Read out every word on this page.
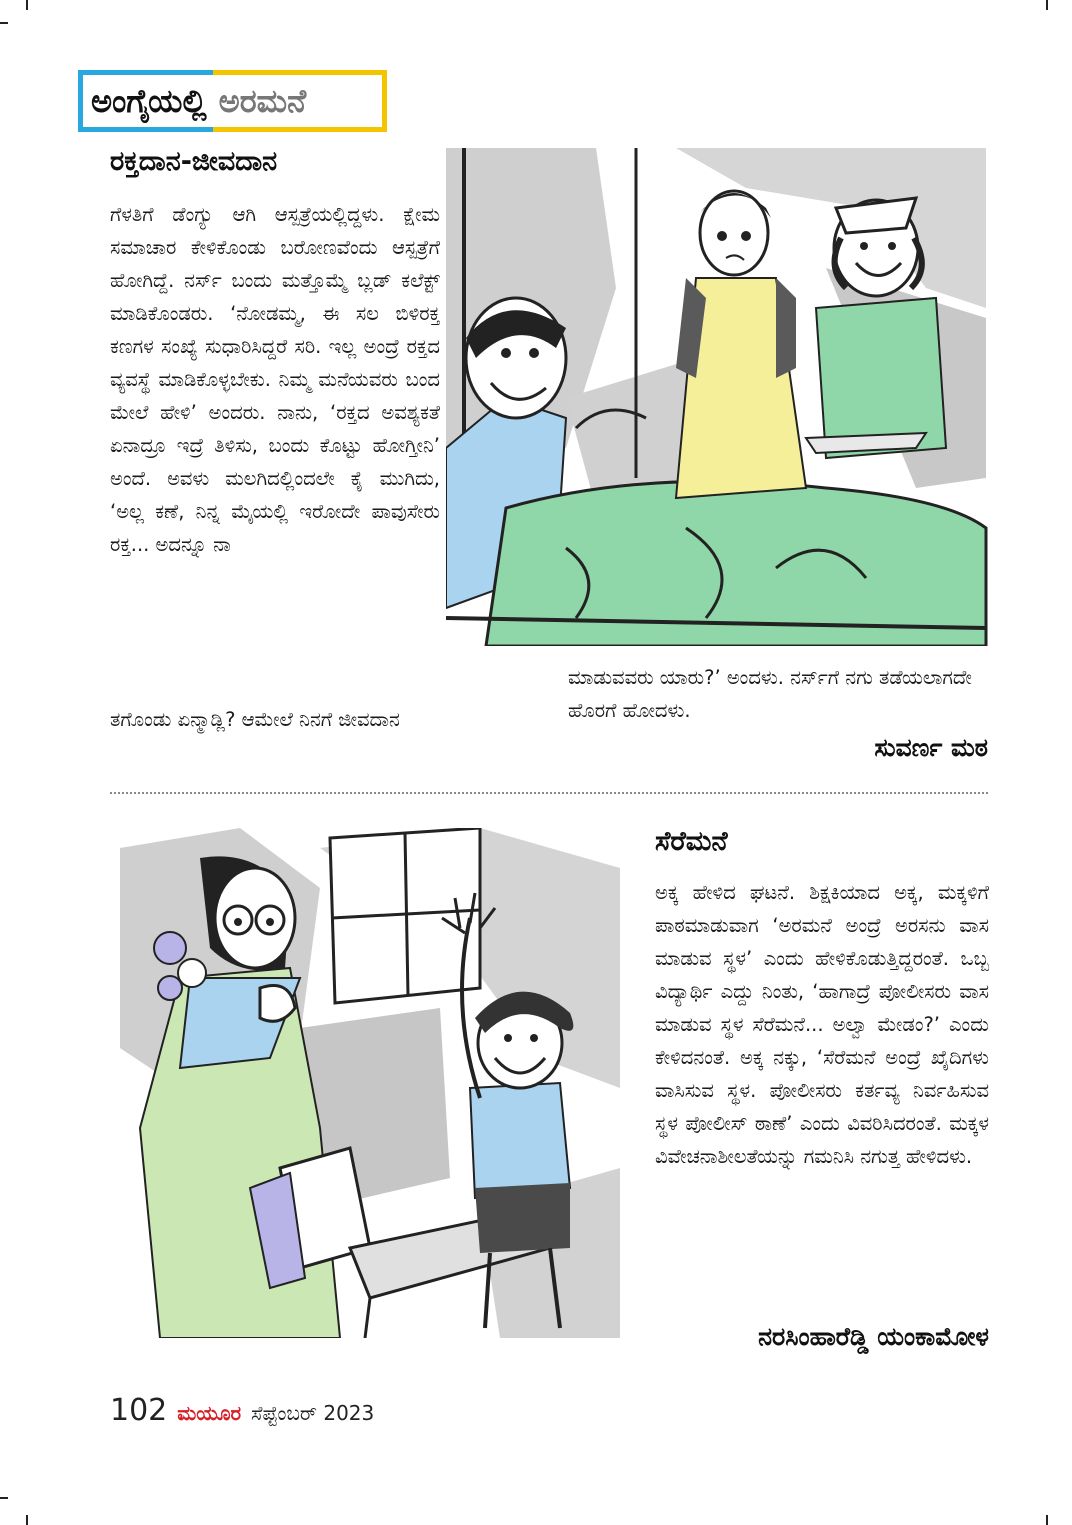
ಅಂಗೈಯಲ್ಲಿ ಅರಮನೆ
ರಕ್ತದಾನ-ಜೀವದಾನ

ಗೆಳತಿಗೆ ಡೆಂಗ್ಯು ಆಗಿ ಆಸ್ಪತ್ರೆಯಲ್ಲಿದ್ದಳು. ಕ್ಷೇಮ ಸಮಾಚಾರ ಕೇಳಿಕೊಂಡು ಬರೋಣವೆಂದು ಆಸ್ಪತ್ರೆಗೆ ಹೋಗಿದ್ದೆ. ನರ್ಸ್ ಬಂದು ಮತ್ತೊಮ್ಮೆ ಬ್ಲಡ್ ಕಲೆಕ್ಟ್ ಮಾಡಿಕೊಂಡರು. ‘ನೋಡಮ್ಮ, ಈ ಸಲ ಬಿಳಿರಕ್ತ ಕಣಗಳ ಸಂಖ್ಯೆ ಸುಧಾರಿಸಿದ್ದರೆ ಸರಿ. ಇಲ್ಲ ಅಂದ್ರೆ ರಕ್ತದ ವ್ಯವಸ್ಥೆ ಮಾಡಿಕೊಳ್ಳಬೇಕು. ನಿಮ್ಮ ಮನೆಯವರು ಬಂದ ಮೇಲೆ ಹೇಳಿ’ ಅಂದರು. ನಾನು, ‘ರಕ್ತದ ಅವಶ್ಯಕತೆ ಏನಾದ್ರೂ ಇದ್ರೆ ತಿಳಿಸು, ಬಂದು ಕೊಟ್ಟು ಹೋಗ್ತೀನಿ’ ಅಂದೆ. ಅವಳು ಮಲಗಿದಲ್ಲಿಂದಲೇ ಕೈ ಮುಗಿದು, ‘ಅಲ್ಲ ಕಣೆ, ನಿನ್ನ ಮೈಯಲ್ಲಿ ಇರೋದೇ ಪಾವುಸೇರು ರಕ್ತ... ಅದನ್ನೂ ನಾ

ತಗೊಂಡು ಏನ್ಮಾಡ್ಲಿ? ಆಮೇಲೆ ನಿನಗೆ ಜೀವದಾನ

ಮಾಡುವವರು ಯಾರು?’ ಅಂದಳು. ನರ್ಸ್‌ಗೆ ನಗು ತಡೆಯಲಾಗದೇ ಹೊರಗೆ ಹೋದಳು.

ಸುವರ್ಣ ಮಠ
ಸೆರೆಮನೆ

ಅಕ್ಕ ಹೇಳಿದ ಘಟನೆ. ಶಿಕ್ಷಕಿಯಾದ ಅಕ್ಕ, ಮಕ್ಕಳಿಗೆ ಪಾಠಮಾಡುವಾಗ ‘ಅರಮನೆ ಅಂದ್ರೆ ಅರಸನು ವಾಸ ಮಾಡುವ ಸ್ಥಳ’ ಎಂದು ಹೇಳಿಕೊಡುತ್ತಿದ್ದರಂತೆ. ಒಬ್ಬ ವಿದ್ಯಾರ್ಥಿ ಎದ್ದು ನಿಂತು, ‘ಹಾಗಾದ್ರೆ ಪೋಲೀಸರು ವಾಸ ಮಾಡುವ ಸ್ಥಳ ಸೆರೆಮನೆ... ಅಲ್ವಾ ಮೇಡಂ?’ ಎಂದು ಕೇಳಿದನಂತೆ. ಅಕ್ಕ ನಕ್ಕು, ‘ಸೆರೆಮನೆ ಅಂದ್ರೆ ಖೈದಿಗಳು ವಾಸಿಸುವ ಸ್ಥಳ. ಪೋಲೀಸರು ಕರ್ತವ್ಯ ನಿರ್ವಹಿಸುವ ಸ್ಥಳ ಪೋಲೀಸ್ ಠಾಣೆ’ ಎಂದು ವಿವರಿಸಿದರಂತೆ. ಮಕ್ಕಳ ವಿವೇಚನಾಶೀಲತೆಯನ್ನು ಗಮನಿಸಿ ನಗುತ್ತ ಹೇಳಿದಳು.

ನರಸಿಂಹಾರೆಡ್ಡಿ ಯಂಕಾಮೋಳ
102 ಮಯೂರ ಸೆಪ್ಟೆಂಬರ್ 2023
